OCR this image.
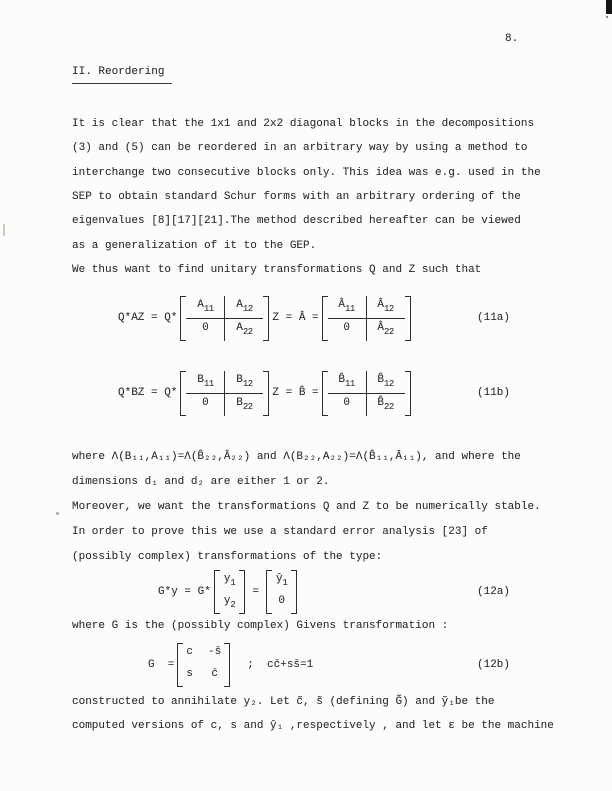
8.
II. Reordering
It is clear that the 1x1 and 2x2 diagonal blocks in the decompositions
(3) and (5) can be reordered in an arbitrary way by using a method to
interchange two consecutive blocks only. This idea was e.g. used in the
SEP to obtain standard Schur forms with an arbitrary ordering of the
eigenvalues [8][17][21].The method described hereafter can be viewed
as a generalization of it to the GEP.
We thus want to find unitary transformations Q and Z such that
Q*AZ = Q*
$A_{11}$	$A_{12}$
0	$A_{22}$
Z = Â =
$Â_{11}$	$Â_{12}$
0	$Â_{22}$
(11a)
Q*BZ = Q*
$B_{11}$	$B_{12}$
0	$B_{22}$
Z = B̂ =
$B̂_{11}$	$B̂_{12}$
0	$B̂_{22}$
(11b)
where Λ(B₁₁,A₁₁)=Λ(B̂₂₂,Â₂₂) and Λ(B₂₂,A₂₂)=Λ(B̂₁₁,Â₁₁), and where the
dimensions d₁ and d₂ are either 1 or 2.
Moreover, we want the transformations Q and Z to be numerically stable.
In order to prove this we use a standard error analysis [23] of
(possibly complex) transformations of the type:
G*y = G*
$y_1$
$y_2$
=
$ŷ_1$
0
(12a)
where G is the (possibly complex) Givens transformation :
G  =
c -s̄
s	c̄
;  cc̄+ss̄=1	(12b)
constructed to annihilate y₂. Let c̃, s̃ (defining G̃) and ỹ₁be the
computed versions of c, s and ŷ₁ ,respectively , and let ε be the machine
